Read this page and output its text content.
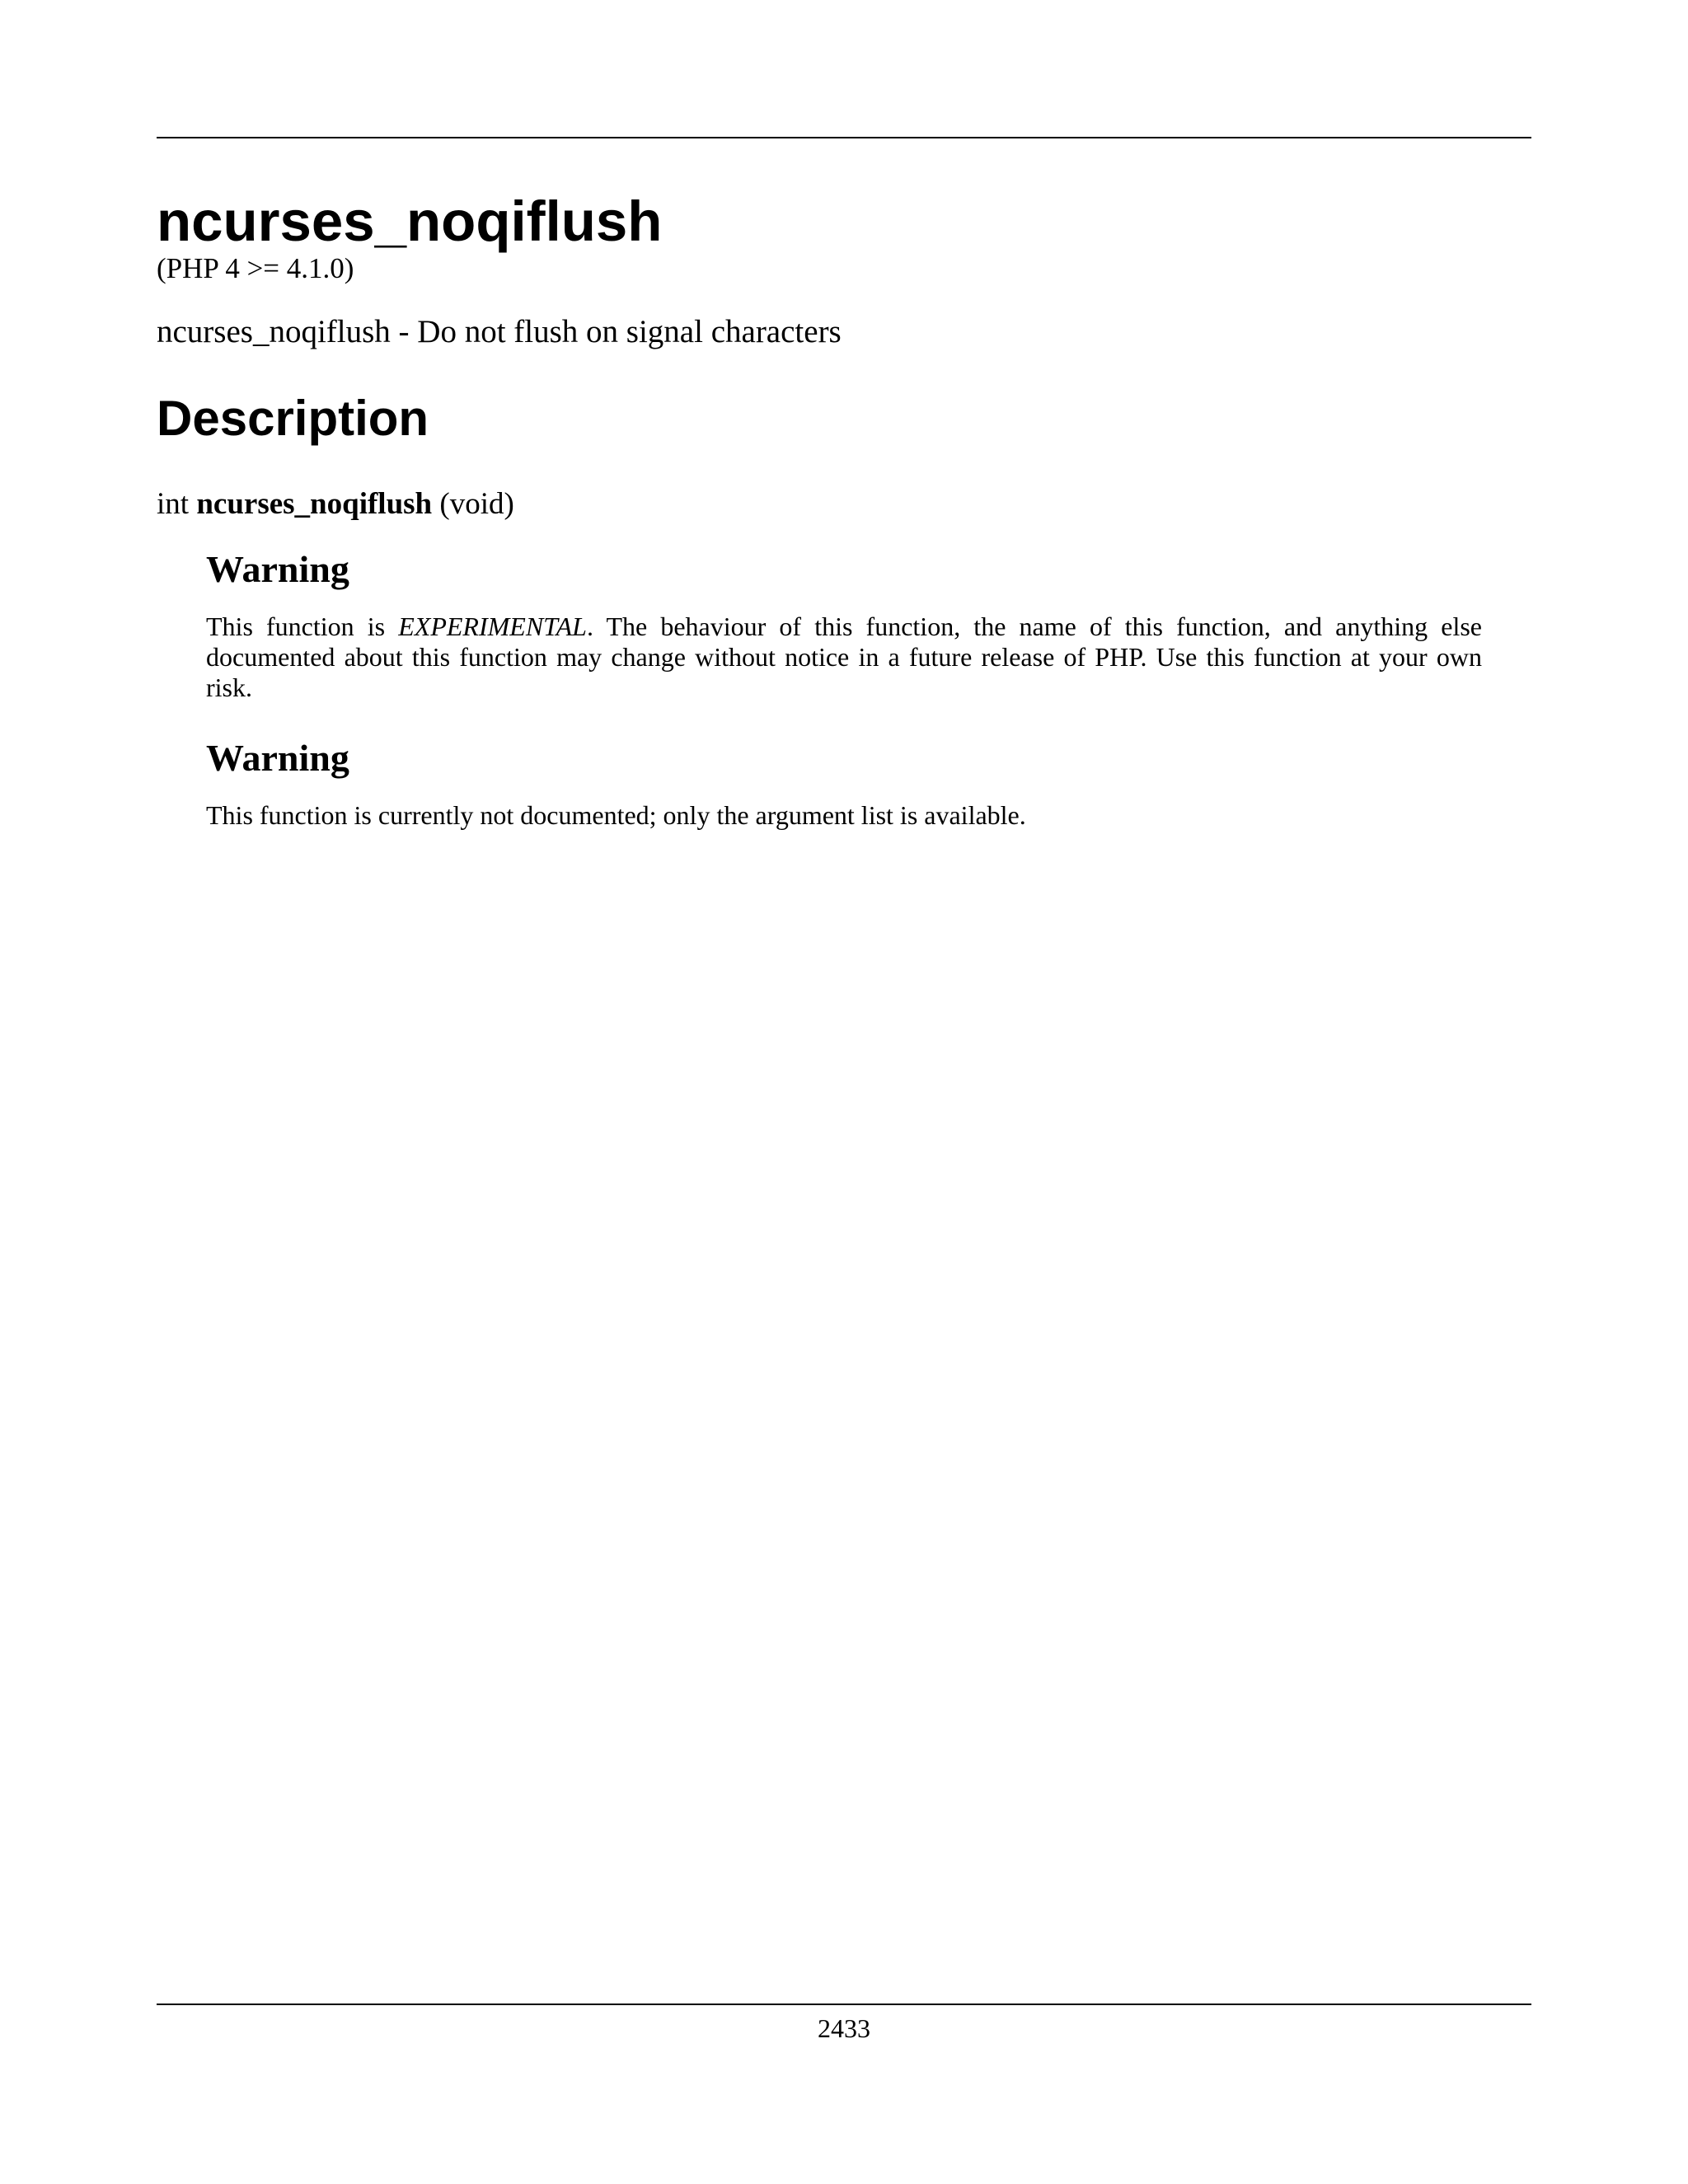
ncurses_noqiflush

(PHP 4 >= 4.1.0)

ncurses_noqiflush - Do not flush on signal characters

Description

int ncurses_noqiflush (void)

Warning

This function is EXPERIMENTAL. The behaviour of this function, the name of this function, and anything else documented about this function may change without notice in a future release of PHP. Use this function at your own risk.

Warning

This function is currently not documented; only the argument list is available.

2433
